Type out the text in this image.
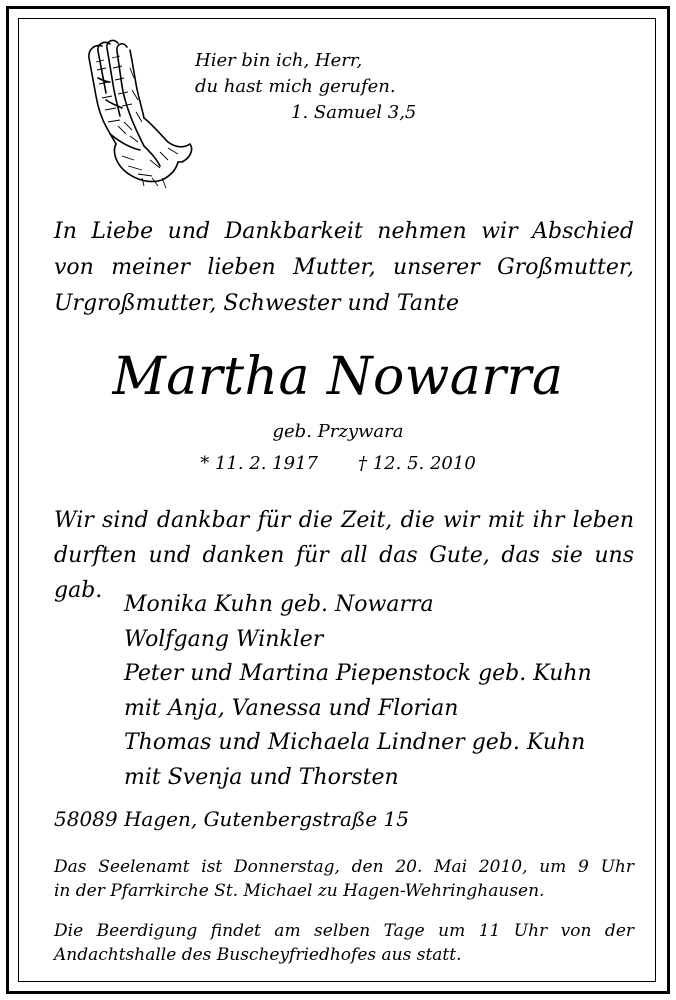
Hier bin ich, Herr,
du hast mich gerufen.
1. Samuel 3,5
In Liebe und Dankbarkeit nehmen wir Abschied
von meiner lieben Mutter, unserer Großmutter,
Urgroßmutter, Schwester und Tante
Martha Nowarra
geb. Przywara
* 11. 2. 1917 † 12. 5. 2010
Wir sind dankbar für die Zeit, die wir mit ihr leben
durften und danken für all das Gute, das sie uns gab.
Monika Kuhn geb. Nowarra
Wolfgang Winkler
Peter und Martina Piepenstock geb. Kuhn
mit Anja, Vanessa und Florian
Thomas und Michaela Lindner geb. Kuhn
mit Svenja und Thorsten
58089 Hagen, Gutenbergstraße 15
Das Seelenamt ist Donnerstag, den 20. Mai 2010, um 9 Uhr
in der Pfarrkirche St. Michael zu Hagen-Wehringhausen.
Die Beerdigung findet am selben Tage um 11 Uhr von der
Andachtshalle des Buscheyfriedhofes aus statt.
